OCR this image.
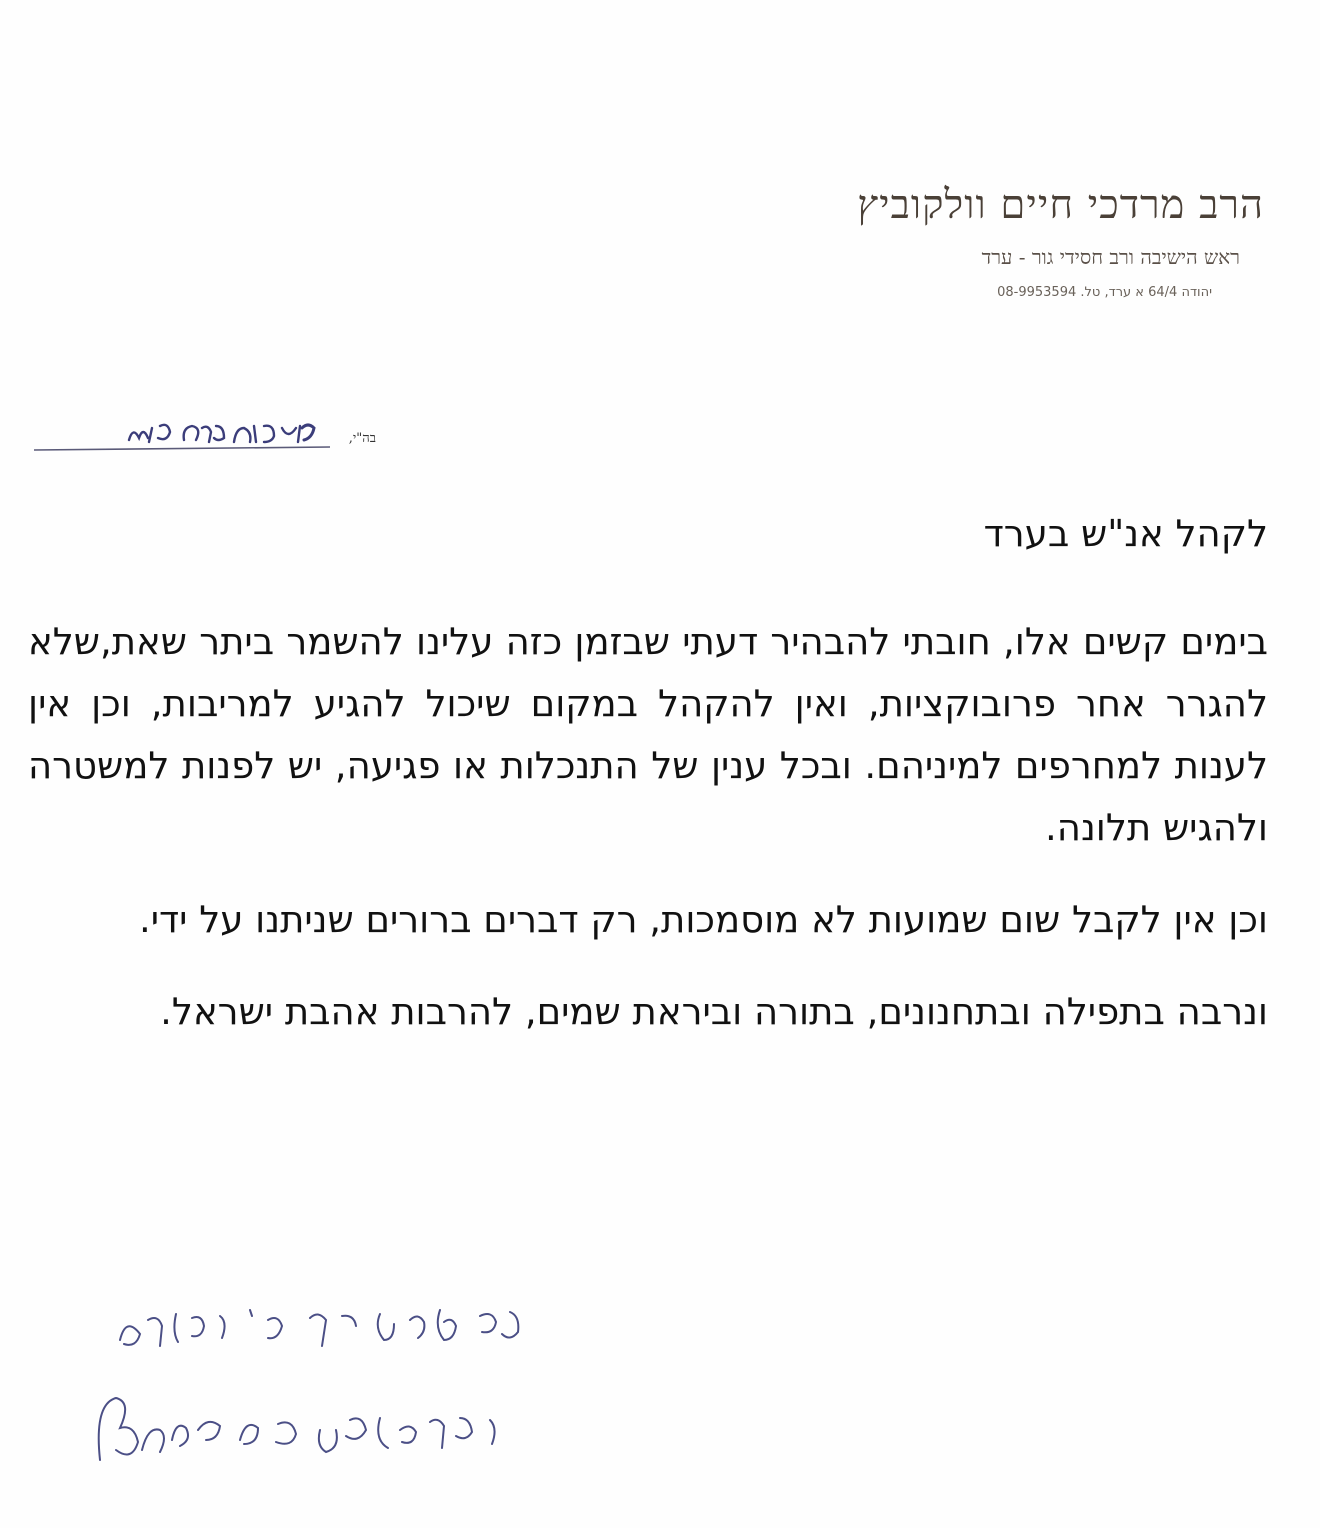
הרב מרדכי חיים וולקוביץ

ראש הישיבה ורב חסידי גור - ערד

יהודה 64/4 א ערד, טל. 08-9953594

בה"י,

לקהל אנ"ש בערד

בימים קשים אלו, חובתי להבהיר דעתי שבזמן כזה עלינו להשמר ביתר שאת,שלא להגרר אחר פרובוקציות, ואין להקהל במקום שיכול להגיע למריבות, וכן אין לענות למחרפים למיניהם. ובכל ענין של התנכלות או פגיעה, יש לפנות למשטרה ולהגיש תלונה.

וכן אין לקבל שום שמועות לא מוסמכות, רק דברים ברורים שניתנו על ידי.

ונרבה בתפילה ובתחנונים, בתורה וביראת שמים, להרבות אהבת ישראל.
